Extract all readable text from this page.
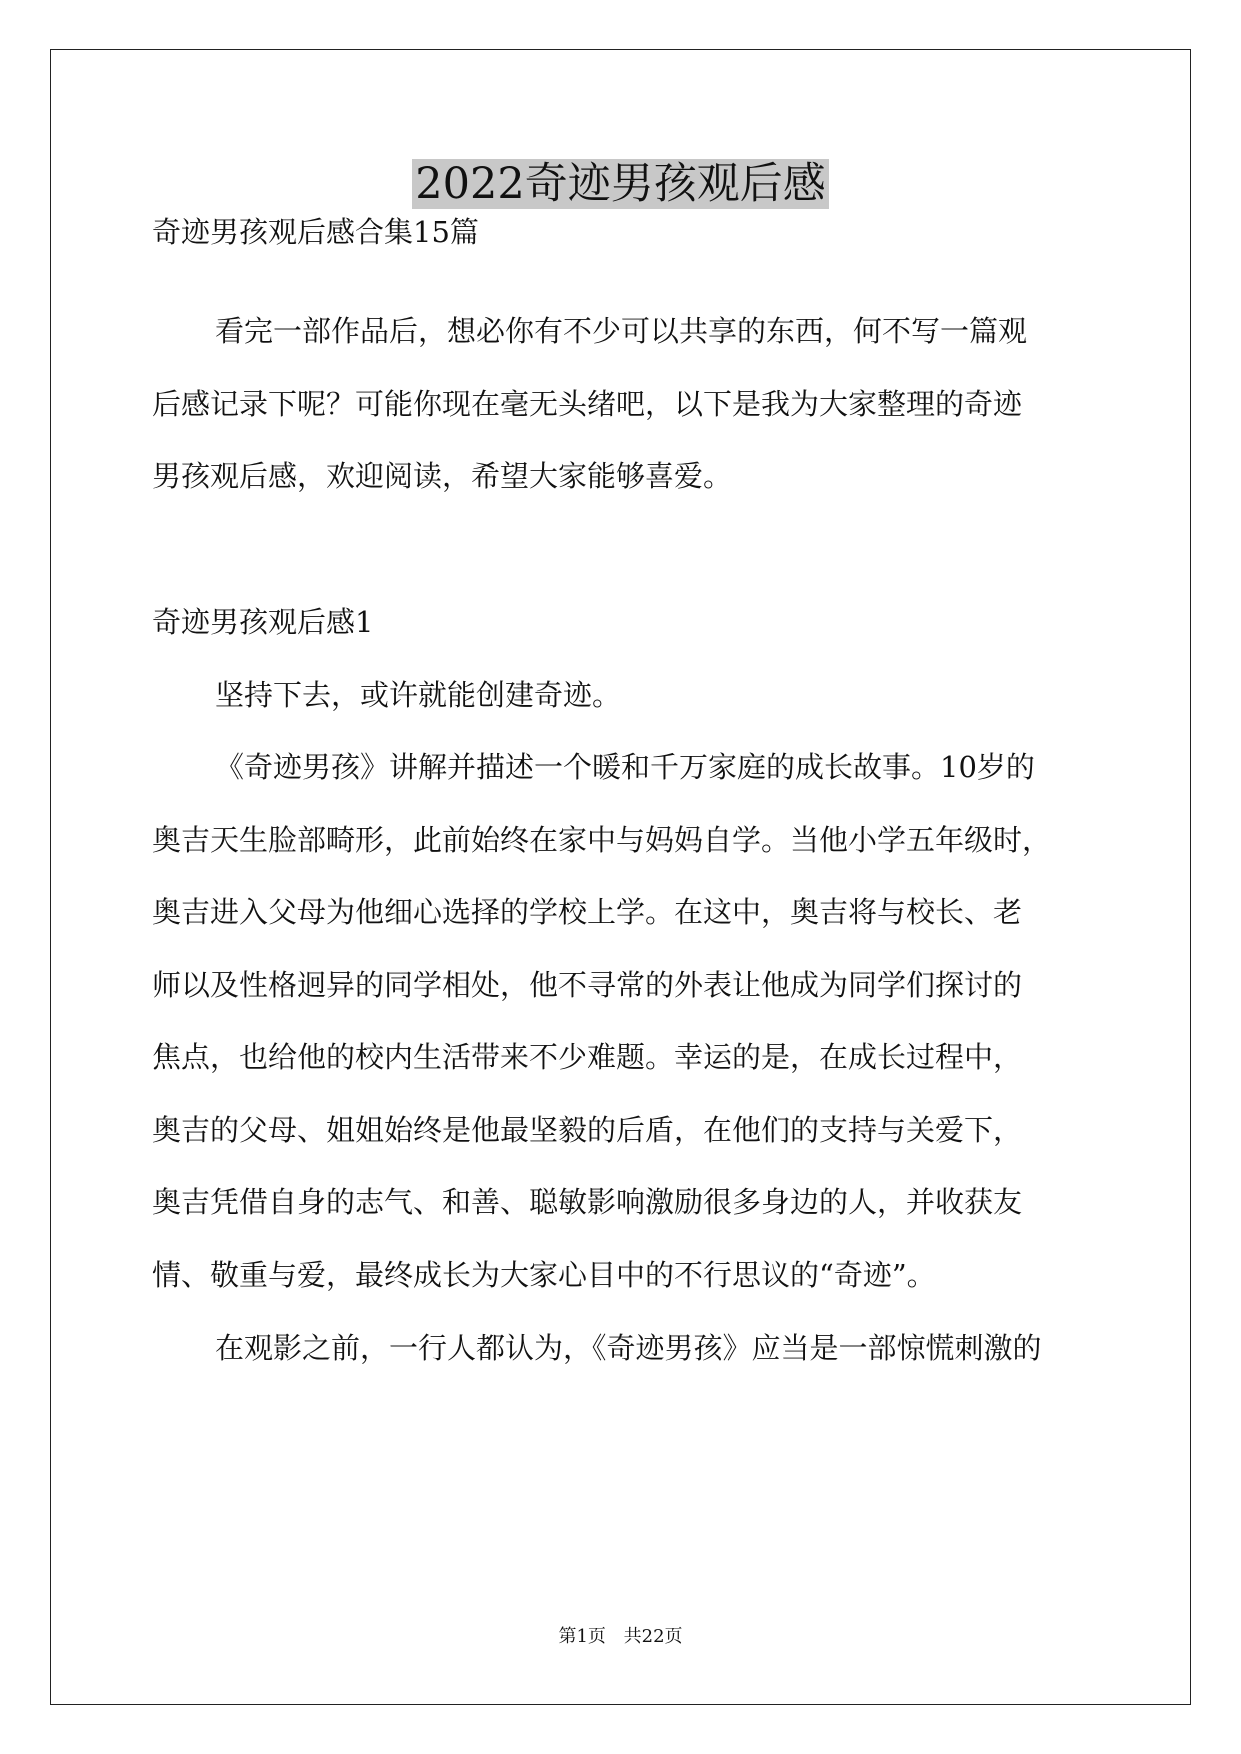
2022奇迹男孩观后感

奇迹男孩观后感合集15篇

看完一部作品后，想必你有不少可以共享的东西，何不写一篇观

后感记录下呢？可能你现在毫无头绪吧，以下是我为大家整理的奇迹

男孩观后感，欢迎阅读，希望大家能够喜爱。

奇迹男孩观后感1

坚持下去，或许就能创建奇迹。

《奇迹男孩》讲解并描述一个暖和千万家庭的成长故事。10岁的

奥吉天生脸部畸形，此前始终在家中与妈妈自学。当他小学五年级时，

奥吉进入父母为他细心选择的学校上学。在这中，奥吉将与校长、老

师以及性格迥异的同学相处，他不寻常的外表让他成为同学们探讨的

焦点，也给他的校内生活带来不少难题。幸运的是，在成长过程中，

奥吉的父母、姐姐始终是他最坚毅的后盾，在他们的支持与关爱下，

奥吉凭借自身的志气、和善、聪敏影响激励很多身边的人，并收获友

情、敬重与爱，最终成长为大家心目中的不行思议的“奇迹”。

在观影之前，一行人都认为，《奇迹男孩》应当是一部惊慌刺激的

第1页 共22页
